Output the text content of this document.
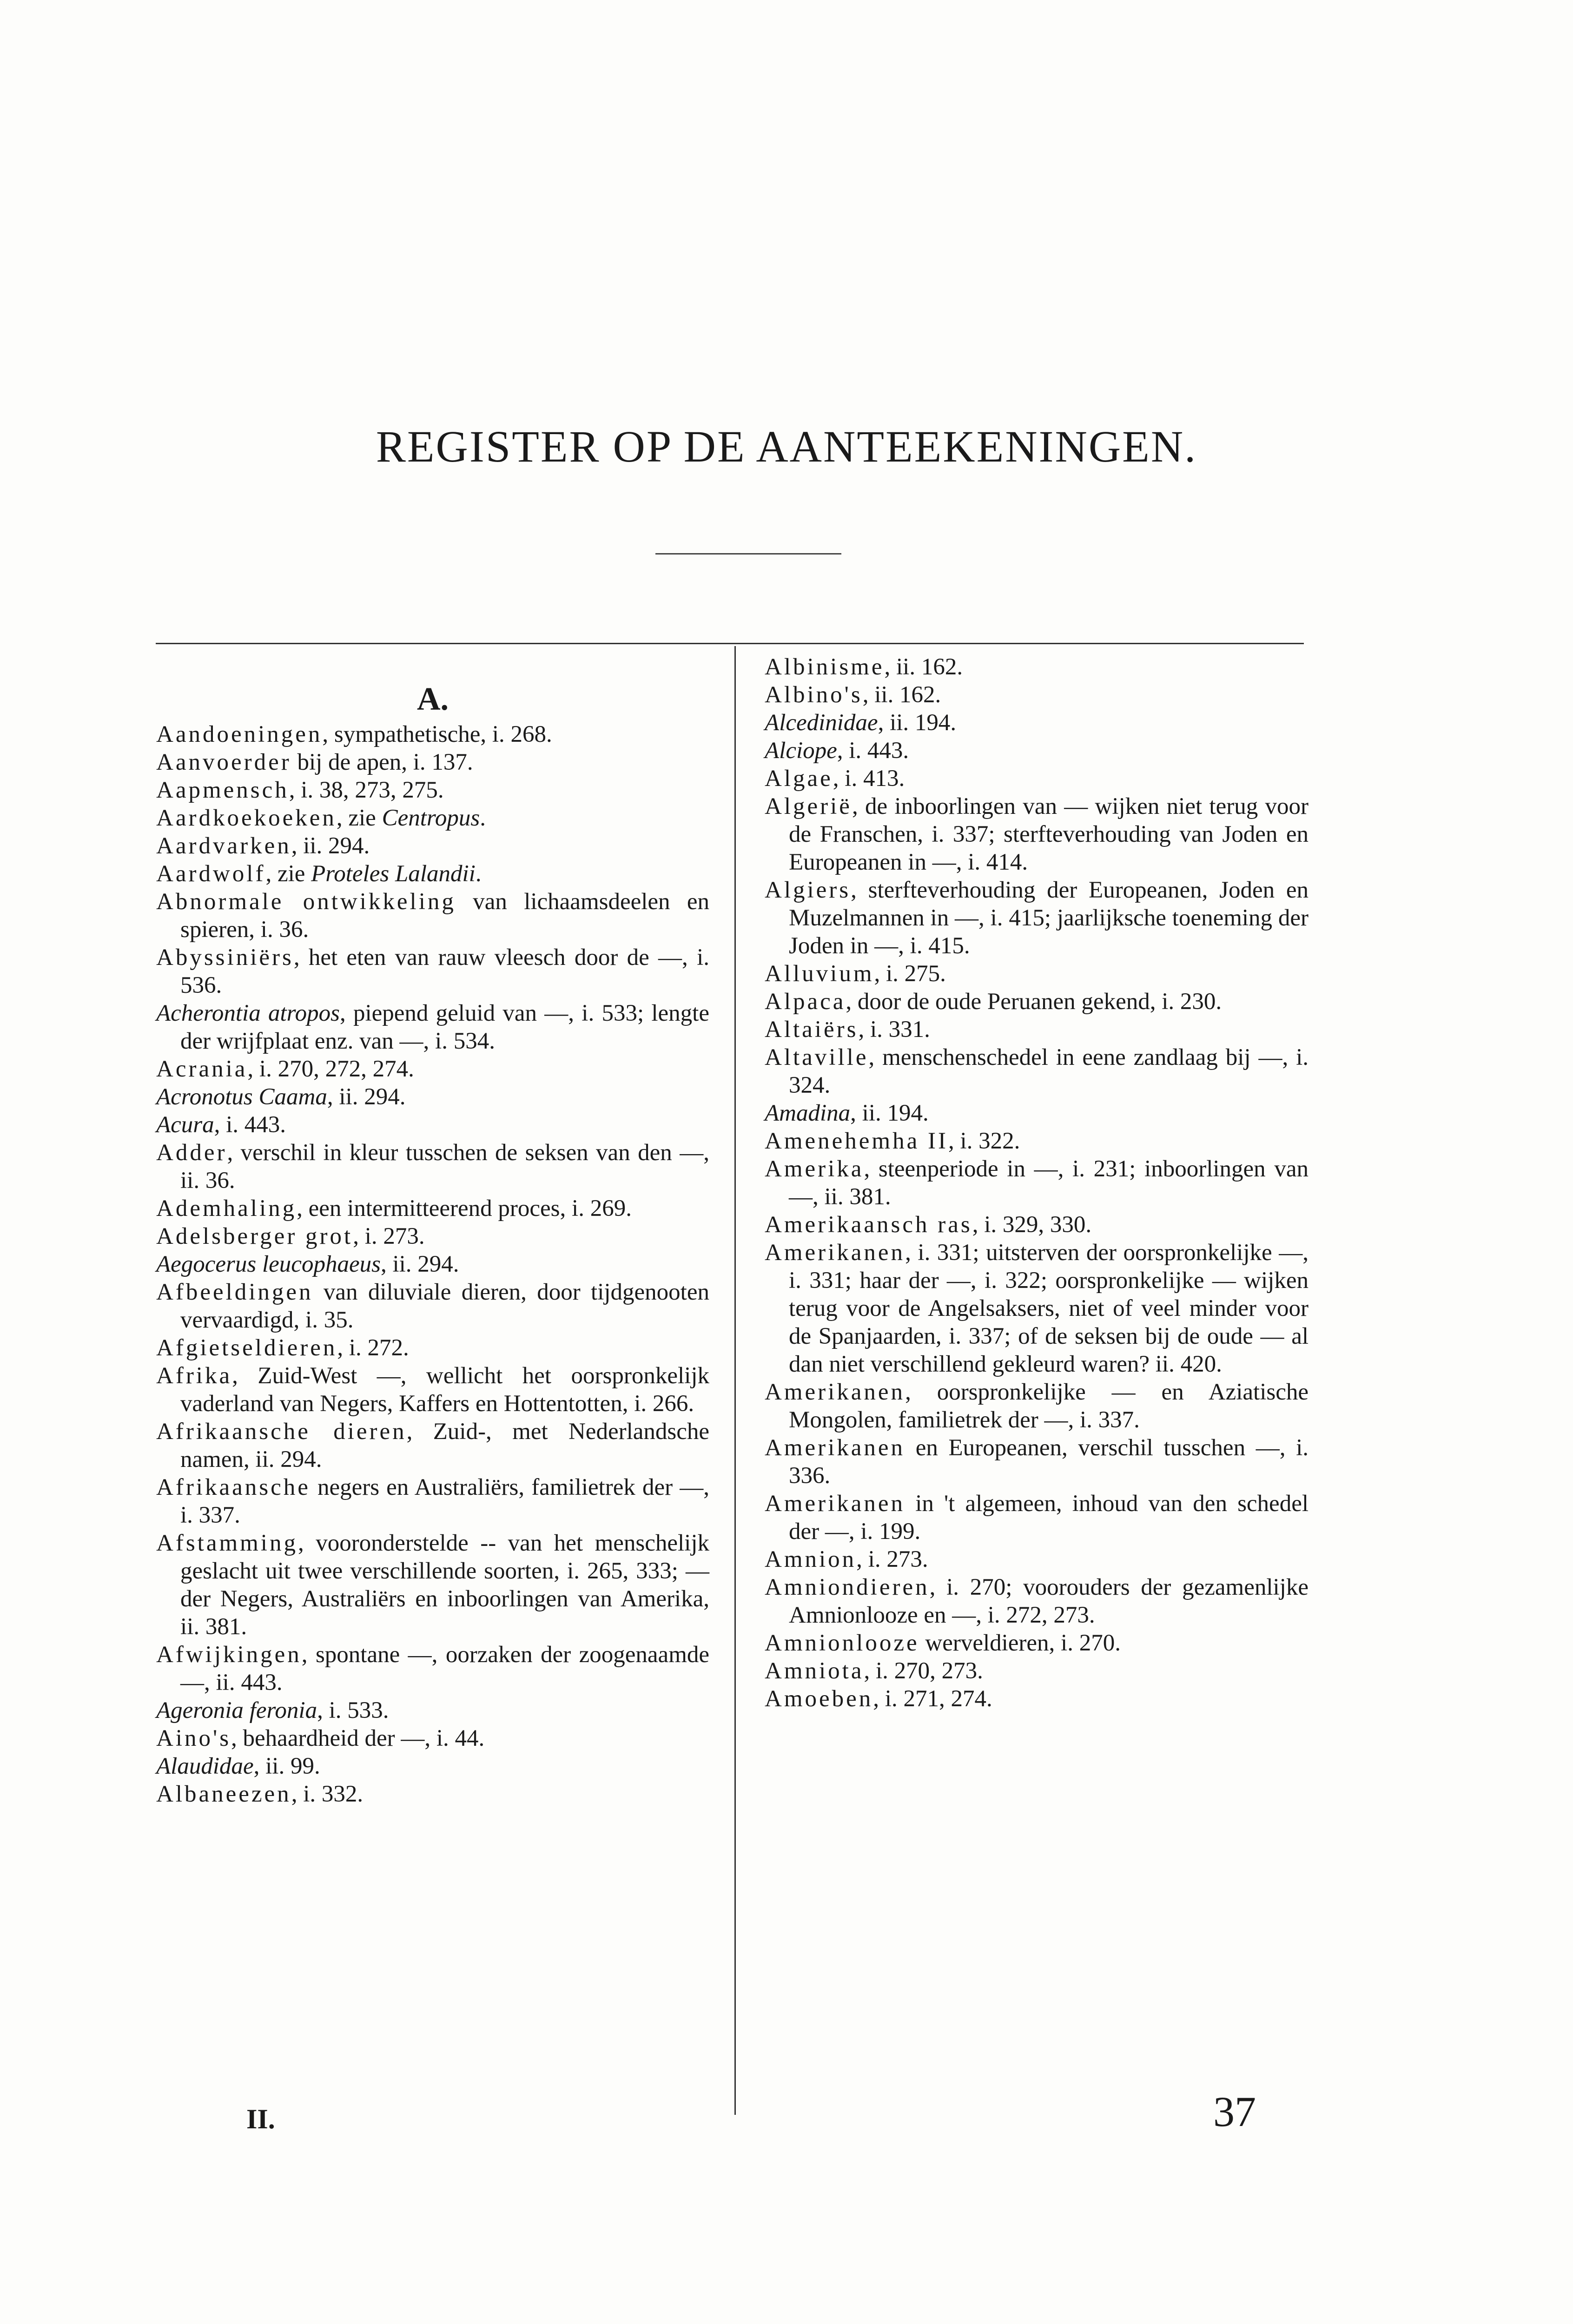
REGISTER OP DE AANTEEKENINGEN.
A.

Aandoeningen, sympathetische, i. 268.

Aanvoerder bij de apen, i. 137.

Aapmensch, i. 38, 273, 275.

Aardkoekoeken, zie Centropus.

Aardvarken, ii. 294.

Aardwolf, zie Proteles Lalandii.

Abnormale ontwikkeling van lichaamsdeelen en spieren, i. 36.

Abyssiniërs, het eten van rauw vleesch door de —, i. 536.

Acherontia atropos, piepend geluid van —, i. 533; lengte der wrijfplaat enz. van —, i. 534.

Acrania, i. 270, 272, 274.

Acronotus Caama, ii. 294.

Acura, i. 443.

Adder, verschil in kleur tusschen de seksen van den —, ii. 36.

Ademhaling, een intermitteerend proces, i. 269.

Adelsberger grot, i. 273.

Aegocerus leucophaeus, ii. 294.

Afbeeldingen van diluviale dieren, door tijdgenooten vervaardigd, i. 35.

Afgietseldieren, i. 272.

Afrika, Zuid-West —, wellicht het oorspronkelijk vaderland van Negers, Kaffers en Hottentotten, i. 266.

Afrikaansche dieren, Zuid-, met Nederlandsche namen, ii. 294.

Afrikaansche negers en Australiërs, familietrek der —, i. 337.

Afstamming, vooronderstelde -- van het menschelijk geslacht uit twee verschillende soorten, i. 265, 333; — der Negers, Australiërs en inboorlingen van Amerika, ii. 381.

Afwijkingen, spontane —, oorzaken der zoogenaamde —, ii. 443.

Ageronia feronia, i. 533.

Aino's, behaardheid der —, i. 44.

Alaudidae, ii. 99.

Albaneezen, i. 332.

Albinisme, ii. 162.

Albino's, ii. 162.

Alcedinidae, ii. 194.

Alciope, i. 443.

Algae, i. 413.

Algerië, de inboorlingen van — wijken niet terug voor de Franschen, i. 337; sterfteverhouding van Joden en Europeanen in —, i. 414.

Algiers, sterfteverhouding der Europeanen, Joden en Muzelmannen in —, i. 415; jaarlijksche toeneming der Joden in —, i. 415.

Alluvium, i. 275.

Alpaca, door de oude Peruanen gekend, i. 230.

Altaiërs, i. 331.

Altaville, menschenschedel in eene zandlaag bij —, i. 324.

Amadina, ii. 194.

Amenehemha II, i. 322.

Amerika, steenperiode in —, i. 231; inboorlingen van —, ii. 381.

Amerikaansch ras, i. 329, 330.

Amerikanen, i. 331; uitsterven der oorspronkelijke —, i. 331; haar der —, i. 322; oorspronkelijke — wijken terug voor de Angelsaksers, niet of veel minder voor de Spanjaarden, i. 337; of de seksen bij de oude — al dan niet verschillend gekleurd waren? ii. 420.

Amerikanen, oorspronkelijke — en Aziatische Mongolen, familietrek der —, i. 337.

Amerikanen en Europeanen, verschil tusschen —, i. 336.

Amerikanen in 't algemeen, inhoud van den schedel der —, i. 199.

Amnion, i. 273.

Amniondieren, i. 270; voorouders der gezamenlijke Amnionlooze en —, i. 272, 273.

Amnionlooze werveldieren, i. 270.

Amniota, i. 270, 273.

Amoeben, i. 271, 274.

II.	37
